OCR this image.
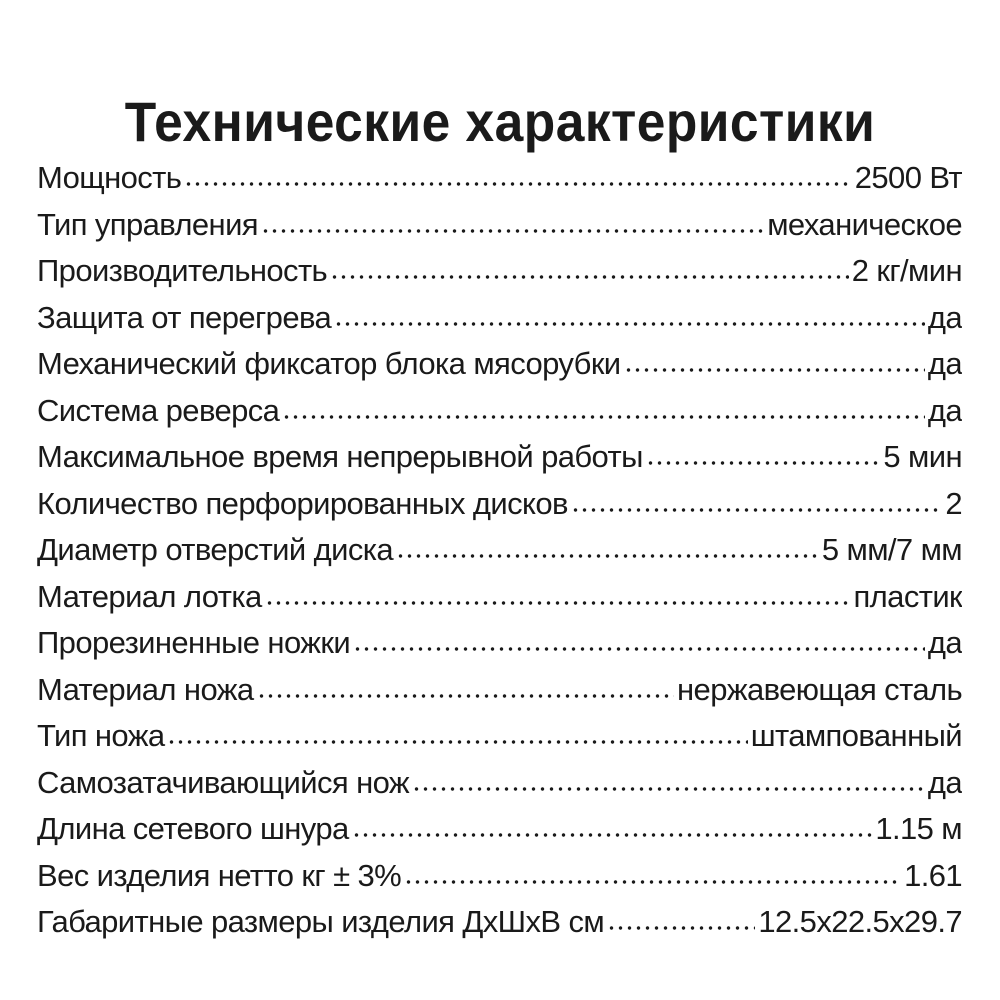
Технические характеристики
Мощность	2500 Вт
Тип управления	механическое
Производительность	2 кг/мин
Защита от перегрева	да
Механический фиксатор блока мясорубки	да
Система реверса	да
Максимальное время непрерывной работы	5 мин
Количество перфорированных дисков	2
Диаметр отверстий диска	5 мм/7 мм
Материал лотка	пластик
Прорезиненные ножки	да
Материал ножа	нержавеющая сталь
Тип ножа	штампованный
Самозатачивающийся нож	да
Длина сетевого шнура	1.15 м
Вес изделия нетто кг ± 3%	1.61
Габаритные размеры изделия ДхШхВ см	12.5х22.5х29.7
